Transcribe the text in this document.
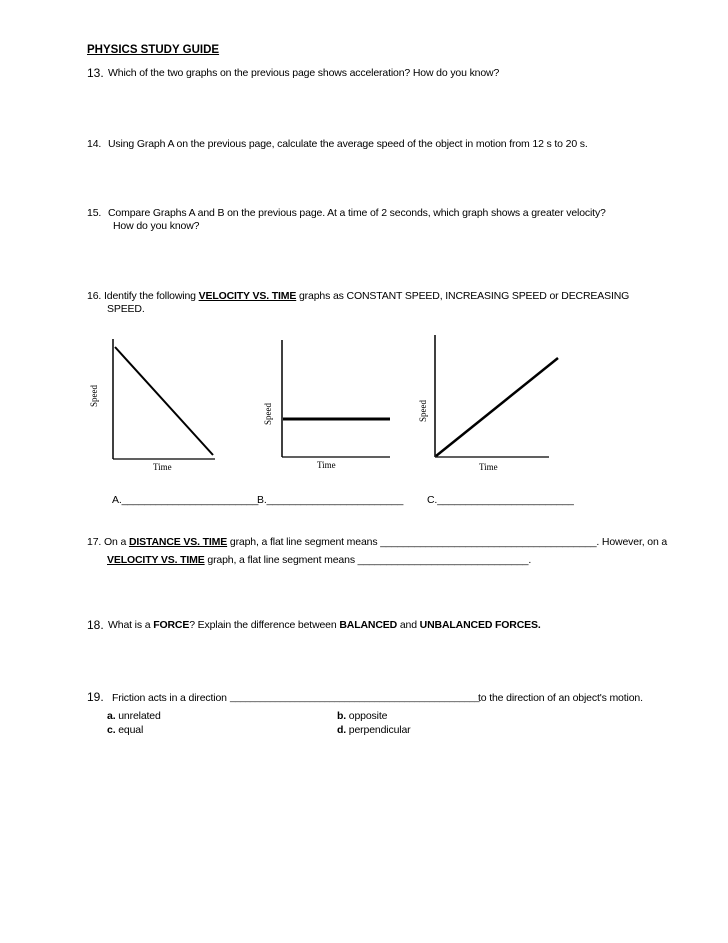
PHYSICS STUDY GUIDE
13. Which of the two graphs on the previous page shows acceleration? How do you know?
14. Using Graph A on the previous page, calculate the average speed of the object in motion from 12 s to 20 s.
15. Compare Graphs A and B on the previous page. At a time of 2 seconds, which graph shows a greater velocity?
How do you know?
16. Identify the following VELOCITY VS. TIME graphs as CONSTANT SPEED, INCREASING SPEED or DECREASING
SPEED.
Speed
Time
Speed
Time
Speed
Time
A.________________________
B.________________________ C.________________________
17. On a DISTANCE VS. TIME graph, a flat line segment means ______________________________________. However, on a
VELOCITY VS. TIME graph, a flat line segment means ______________________________.
18. What is a FORCE? Explain the difference between BALANCED and UNBALANCED FORCES.
19. Friction acts in a direction __________________________________________________
to the direction of an object's motion.
a. unrelated	b. opposite
c. equal	d. perpendicular
